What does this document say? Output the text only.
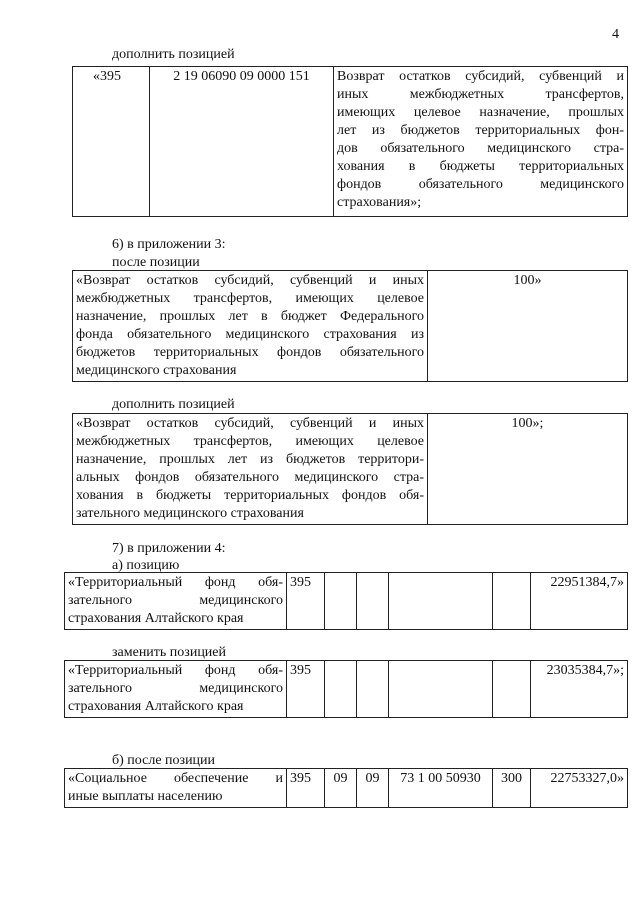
4
дополнить позицией
«395	2 19 06090 09 0000 151	Возврат остатков субсидий, субвенций и
иных межбюджетных трансфертов,
имеющих целевое назначение, прошлых
лет из бюджетов территориальных фон-
дов обязательного медицинского стра-
хования в бюджеты территориальных
фондов обязательного медицинского
страхования»;
6) в приложении 3:
после позиции
«Возврат остатков субсидий, субвенций и иных
межбюджетных трансфертов, имеющих целевое
назначение, прошлых лет в бюджет Федерального
фонда обязательного медицинского страхования из
бюджетов территориальных фондов обязательного
медицинского страхования
	100»
дополнить позицией
«Возврат остатков субсидий, субвенций и иных
межбюджетных трансфертов, имеющих целевое
назначение, прошлых лет из бюджетов территори-
альных фондов обязательного медицинского стра-
хования в бюджеты территориальных фондов обя-
зательного медицинского страхования
	100»;
7) в приложении 4:
а) позицию
«Территориальный фонд обя-
зательного медицинского
страхования Алтайского края
	395					22951384,7»
заменить позицией
«Территориальный фонд обя-
зательного медицинского
страхования Алтайского края
	395					23035384,7»;
б) после позиции
«Социальное обеспечение и
иные выплаты населению
	395	09	09	73 1 00 50930	300	22753327,0»
